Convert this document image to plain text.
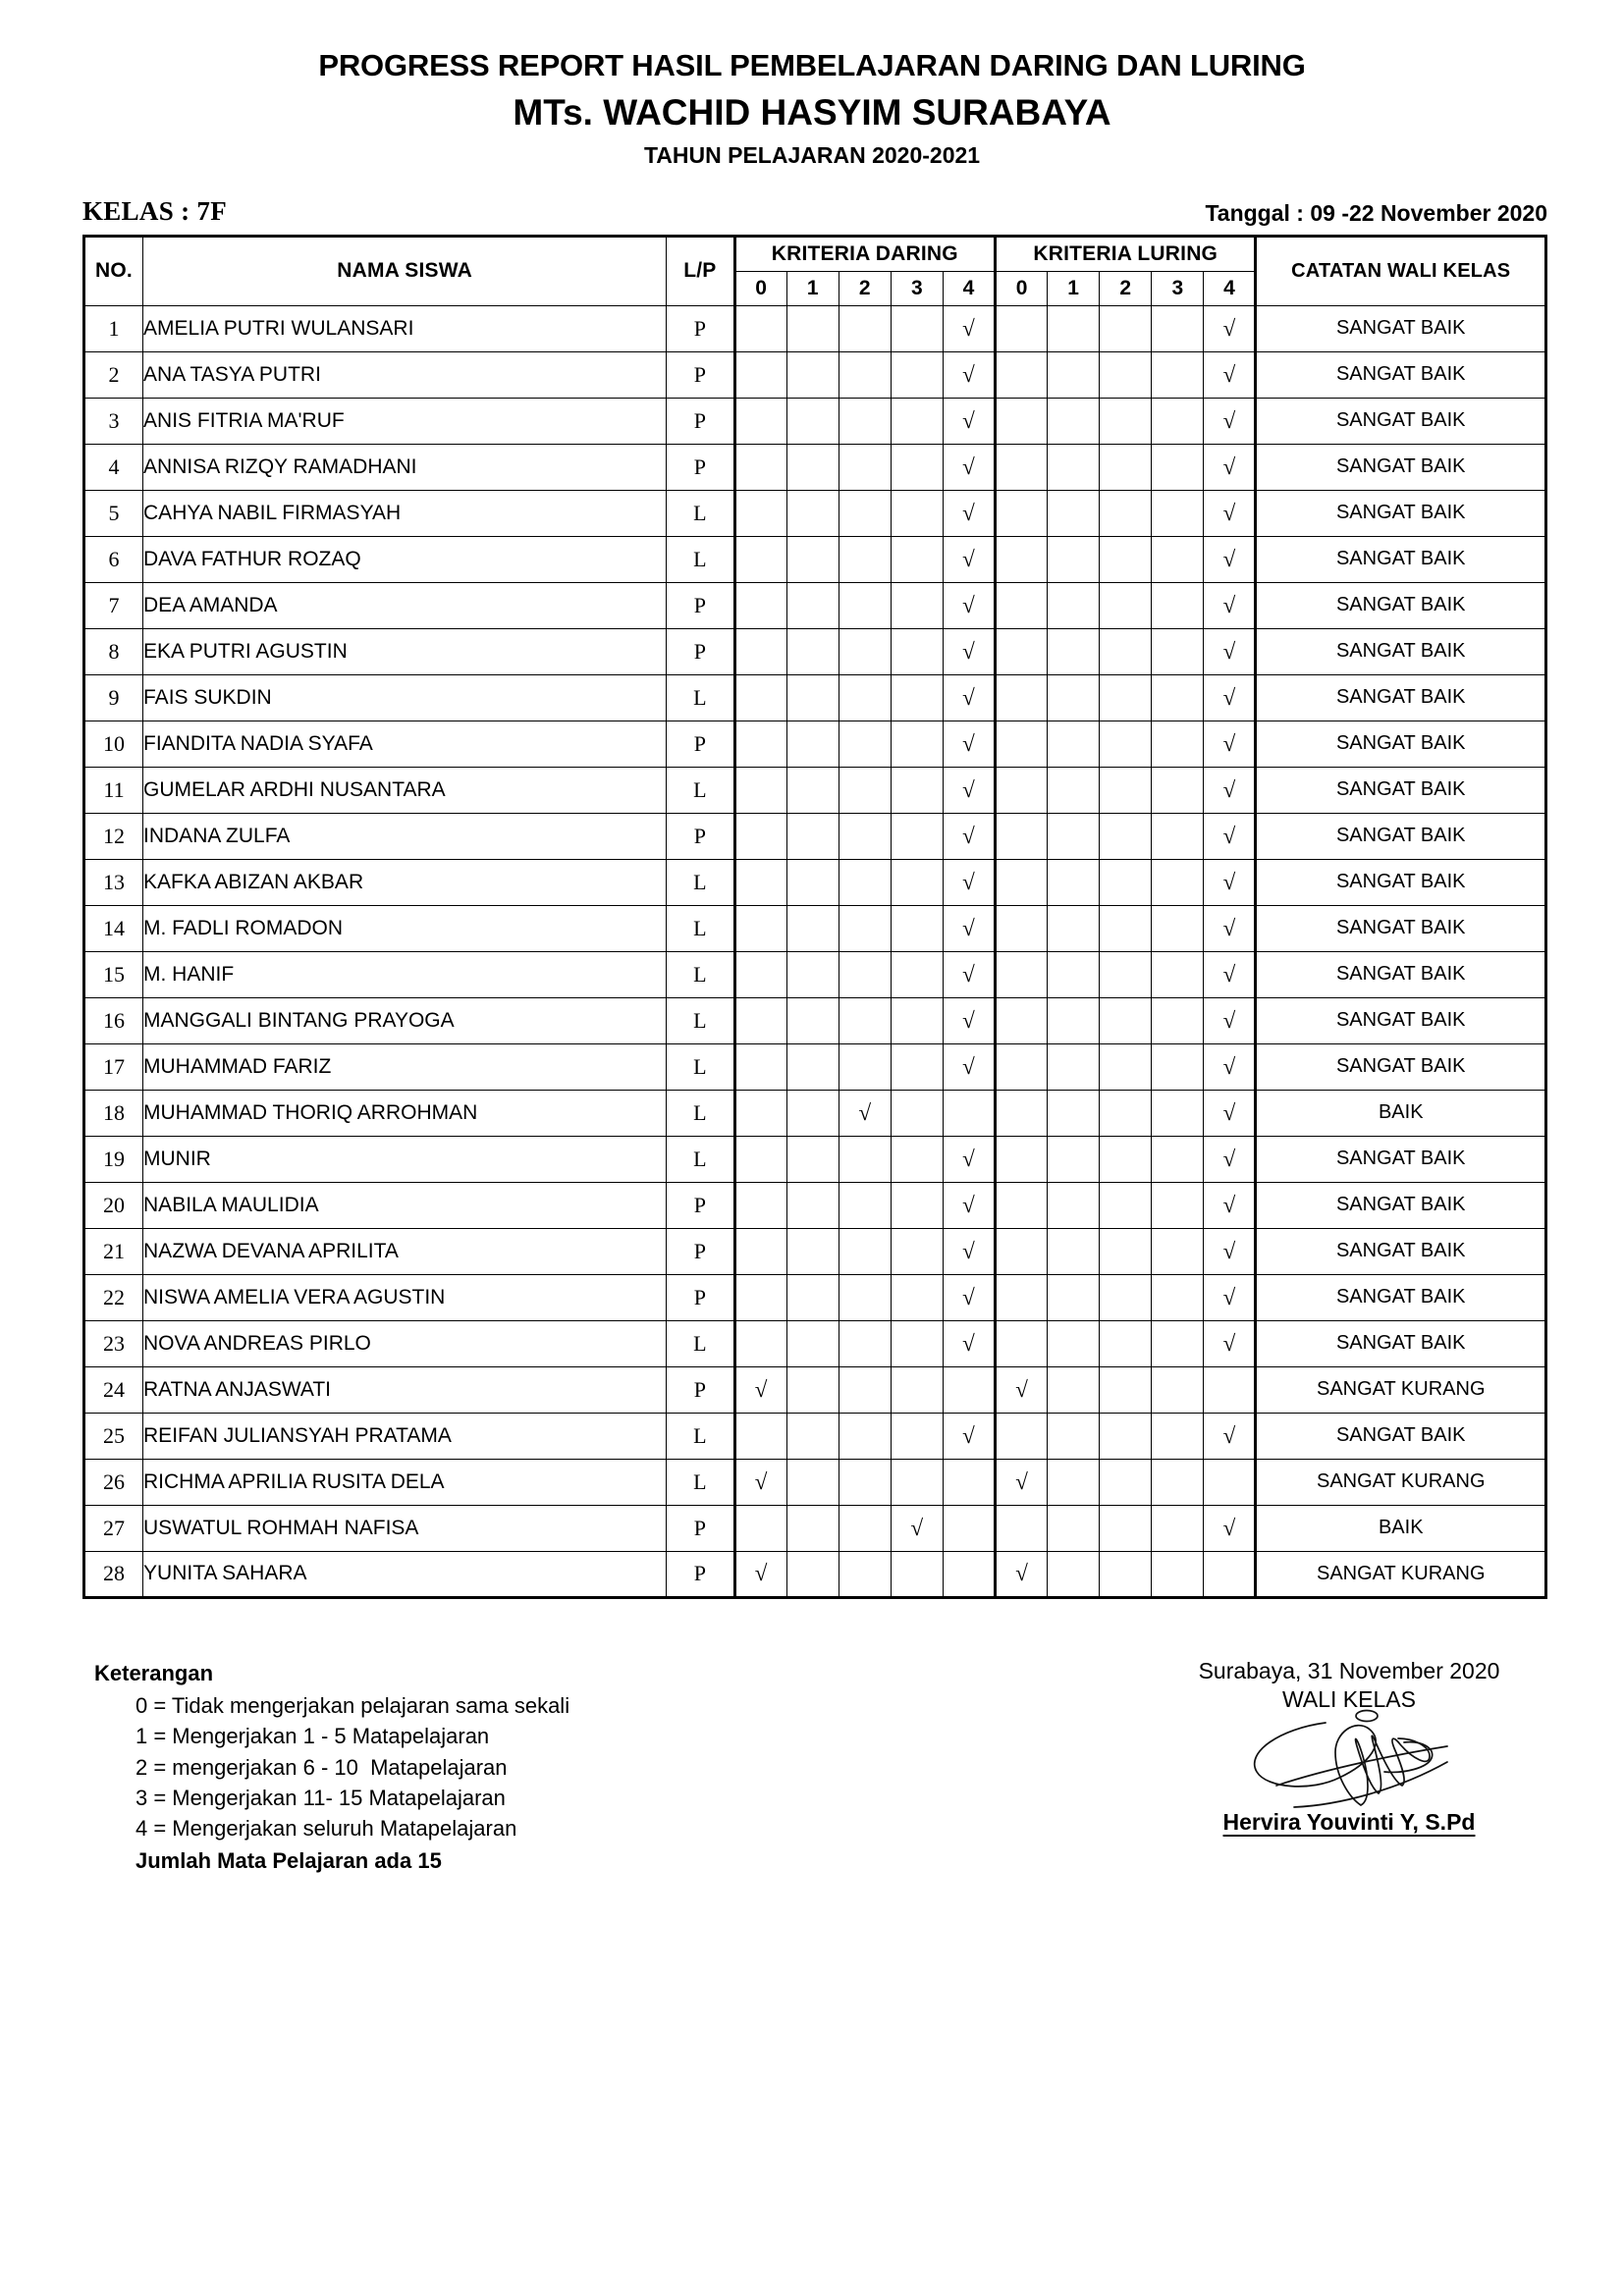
PROGRESS REPORT HASIL PEMBELAJARAN DARING DAN LURING
MTs. WACHID HASYIM SURABAYA
TAHUN PELAJARAN 2020-2021
KELAS : 7F	Tanggal : 09 -22 November 2020
NO.	NAMA SISWA	L/P	KRITERIA DARING					KRITERIA LURING					CATATAN WALI KELAS
			0	1	2	3	4	0	1	2	3	4	
1	AMELIA PUTRI WULANSARI	P					√					√	SANGAT BAIK
2	ANA TASYA PUTRI	P					√					√	SANGAT BAIK
3	ANIS FITRIA MA'RUF	P					√					√	SANGAT BAIK
4	ANNISA RIZQY RAMADHANI	P					√					√	SANGAT BAIK
5	CAHYA NABIL FIRMASYAH	L					√					√	SANGAT BAIK
6	DAVA FATHUR ROZAQ	L					√					√	SANGAT BAIK
7	DEA AMANDA	P					√					√	SANGAT BAIK
8	EKA PUTRI AGUSTIN	P					√					√	SANGAT BAIK
9	FAIS SUKDIN	L					√					√	SANGAT BAIK
10	FIANDITA NADIA SYAFA	P					√					√	SANGAT BAIK
11	GUMELAR ARDHI NUSANTARA	L					√					√	SANGAT BAIK
12	INDANA ZULFA	P					√					√	SANGAT BAIK
13	KAFKA ABIZAN AKBAR	L					√					√	SANGAT BAIK
14	M. FADLI ROMADON	L					√					√	SANGAT BAIK
15	M. HANIF	L					√					√	SANGAT BAIK
16	MANGGALI BINTANG PRAYOGA	L					√					√	SANGAT BAIK
17	MUHAMMAD FARIZ	L					√					√	SANGAT BAIK
18	MUHAMMAD THORIQ ARROHMAN	L			√							√	BAIK
19	MUNIR	L					√					√	SANGAT BAIK
20	NABILA MAULIDIA	P					√					√	SANGAT BAIK
21	NAZWA DEVANA APRILITA	P					√					√	SANGAT BAIK
22	NISWA AMELIA VERA AGUSTIN	P					√					√	SANGAT BAIK
23	NOVA ANDREAS PIRLO	L					√					√	SANGAT BAIK
24	RATNA ANJASWATI	P	√					√					SANGAT KURANG
25	REIFAN JULIANSYAH PRATAMA	L					√					√	SANGAT BAIK
26	RICHMA APRILIA RUSITA DELA	L	√					√					SANGAT KURANG
27	USWATUL ROHMAH NAFISA	P				√						√	BAIK
28	YUNITA SAHARA	P	√					√					SANGAT KURANG
Keterangan
0 = Tidak mengerjakan pelajaran sama sekali
1 = Mengerjakan 1 - 5 Matapelajaran
2 = mengerjakan 6 - 10  Matapelajaran
3 = Mengerjakan 11- 15 Matapelajaran
4 = Mengerjakan seluruh Matapelajaran
Jumlah Mata Pelajaran ada 15
Surabaya, 31 November 2020
WALI KELAS
Hervira Youvinti Y, S.Pd
